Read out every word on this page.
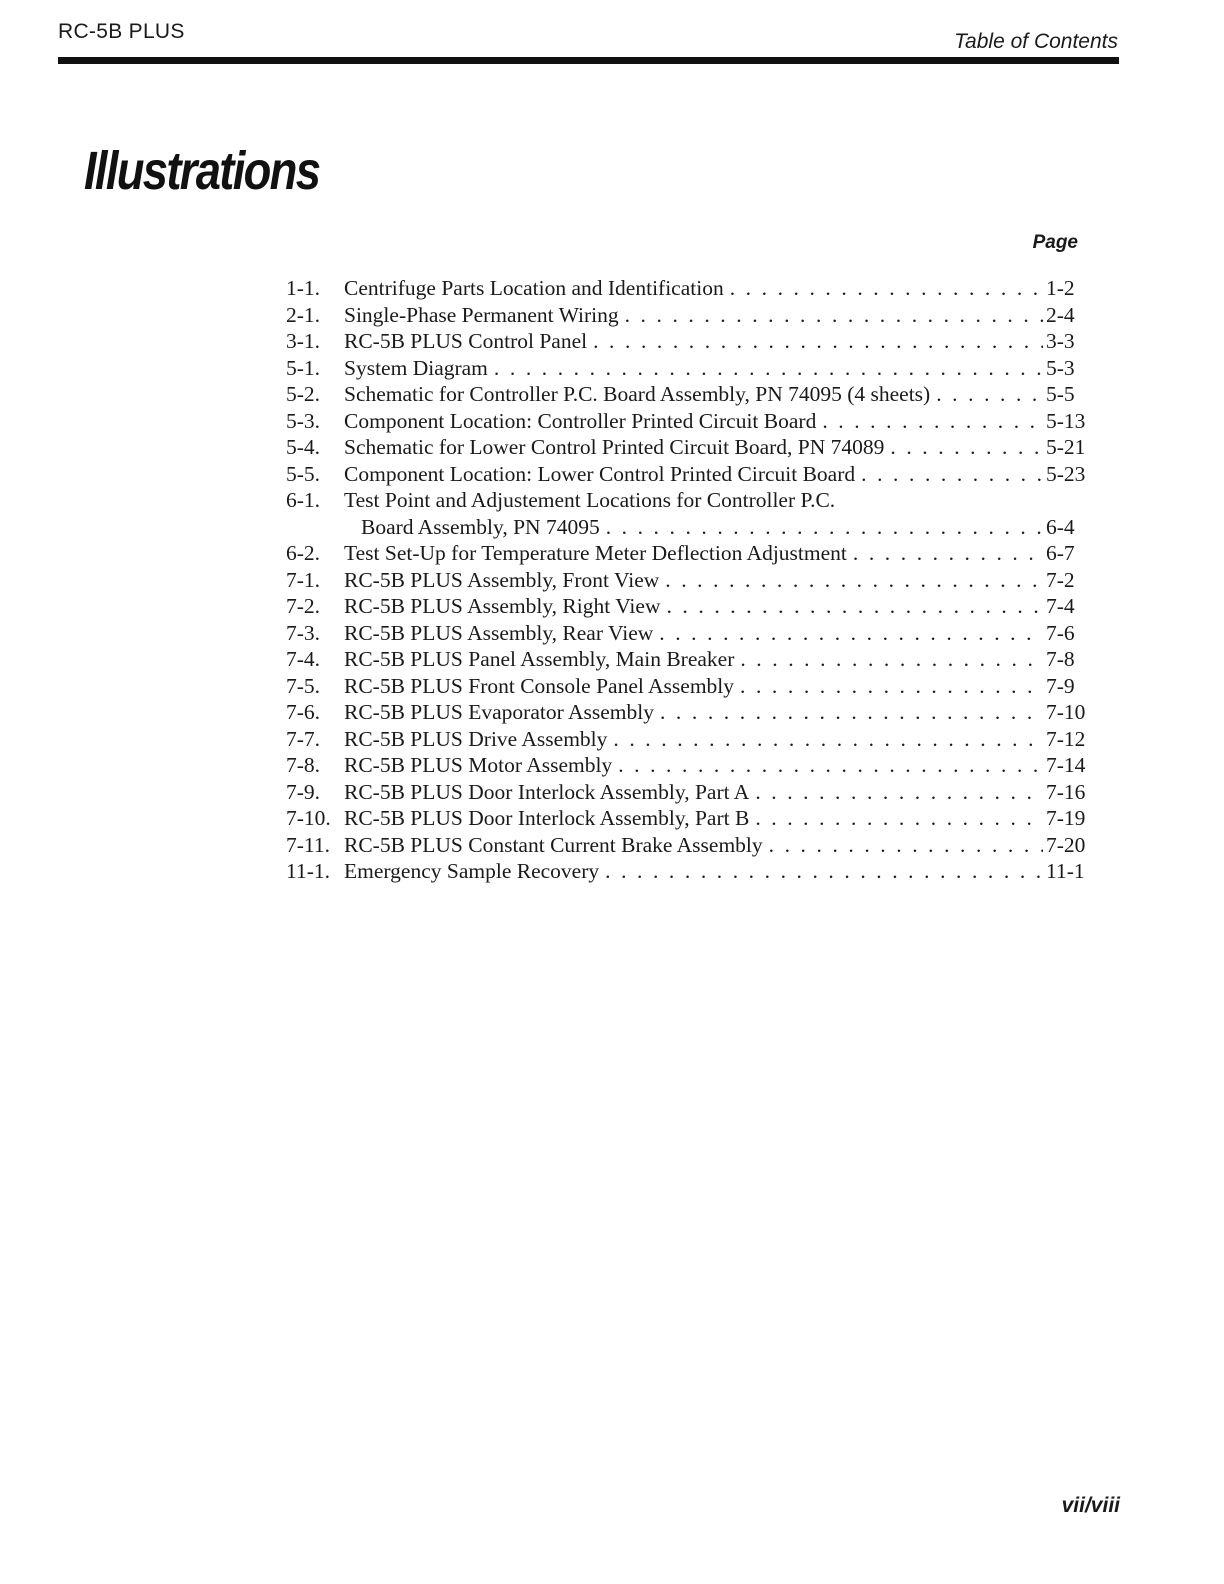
RC-5B PLUS	Table of Contents
Illustrations
Page
1-1.	Centrifuge Parts Location and Identification . . .	1-2
2-1.	Single-Phase Permanent Wiring . . .	2-4
3-1.	RC-5B PLUS Control Panel . . .	3-3
5-1.	System Diagram . . .	5-3
5-2.	Schematic for Controller P.C. Board Assembly, PN 74095 (4 sheets) . . .	5-5
5-3.	Component Location: Controller Printed Circuit Board . . .	5-13
5-4.	Schematic for Lower Control Printed Circuit Board, PN 74089 . . .	5-21
5-5.	Component Location: Lower Control Printed Circuit Board . . .	5-23
6-1.	Test Point and Adjustement Locations for Controller P.C.
Board Assembly, PN 74095 . . .	6-4
6-2.	Test Set-Up for Temperature Meter Deflection Adjustment . . .	6-7
7-1.	RC-5B PLUS Assembly, Front View . . .	7-2
7-2.	RC-5B PLUS Assembly, Right View . . .	7-4
7-3.	RC-5B PLUS Assembly, Rear View . . .	7-6
7-4.	RC-5B PLUS Panel Assembly, Main Breaker . . .	7-8
7-5.	RC-5B PLUS Front Console Panel Assembly . . .	7-9
7-6.	RC-5B PLUS Evaporator Assembly . . .	7-10
7-7.	RC-5B PLUS Drive Assembly . . .	7-12
7-8.	RC-5B PLUS Motor Assembly . . .	7-14
7-9.	RC-5B PLUS Door Interlock Assembly, Part A . . .	7-16
7-10. RC-5B PLUS Door Interlock Assembly, Part B . . .	7-19
7-11. RC-5B PLUS Constant Current Brake Assembly . . .	7-20
11-1. Emergency Sample Recovery . . .	11-1
vii/viii
